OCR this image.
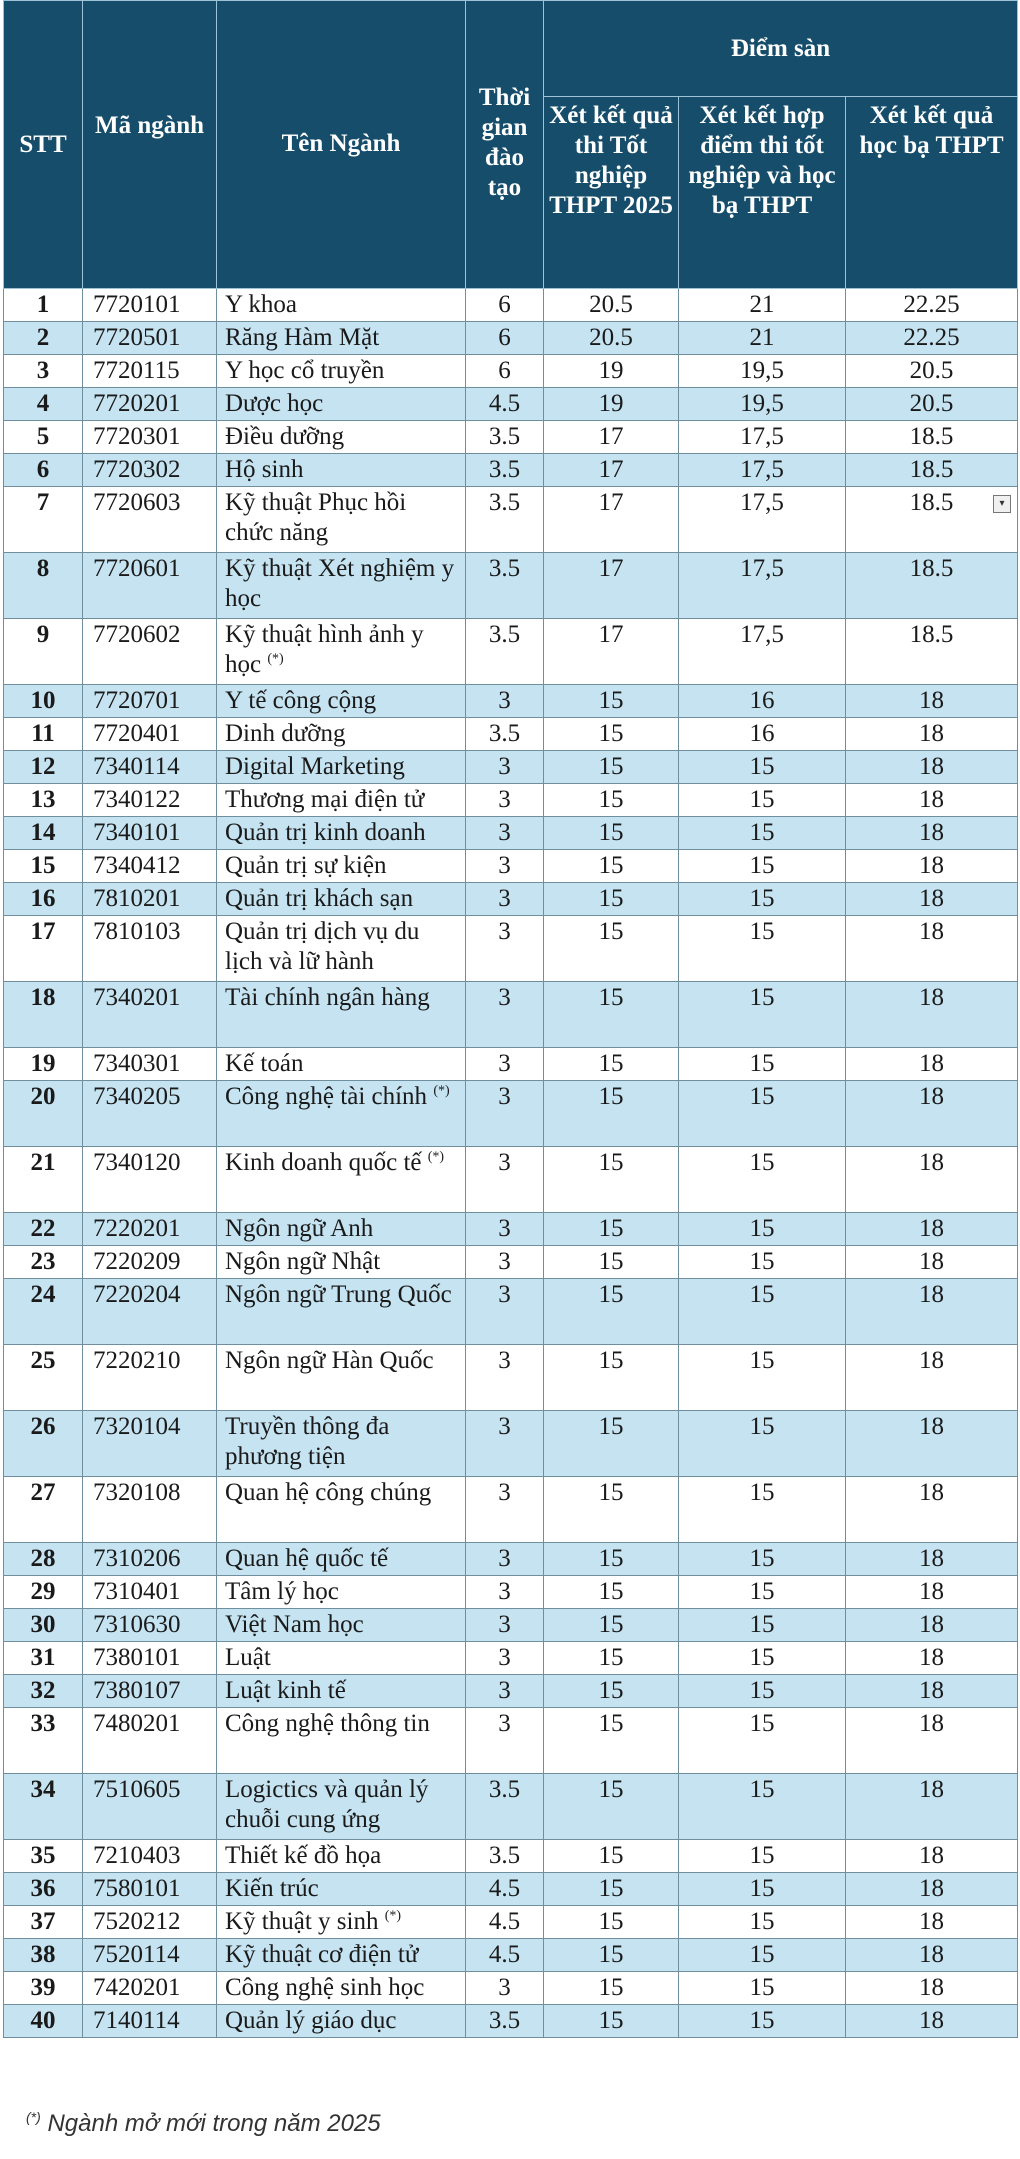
STT	Mã ngành	Tên Ngành	Thời gian đào tạo	Điểm sàn		
				Xét kết quả thi Tốt nghiệp THPT 2025	Xét kết hợp điểm thi tốt nghiệp và học bạ THPT	Xét kết quả học bạ THPT
1	7720101	Y khoa	6	20.5	21	22.25
2	7720501	Răng Hàm Mặt	6	20.5	21	22.25
3	7720115	Y học cổ truyền	6	19	19,5	20.5
4	7720201	Dược học	4.5	19	19,5	20.5
5	7720301	Điều dưỡng	3.5	17	17,5	18.5
6	7720302	Hộ sinh	3.5	17	17,5	18.5
7	7720603	Kỹ thuật Phục hồi chức năng	3.5	17	17,5	18.5 ▾

8	7720601	Kỹ thuật Xét nghiệm y học	3.5	17	17,5	18.5
9	7720602	Kỹ thuật hình ảnh y học (*)	3.5	17	17,5	18.5
10	7720701	Y tế công cộng	3	15	16	18
11	7720401	Dinh dưỡng	3.5	15	16	18
12	7340114	Digital Marketing	3	15	15	18
13	7340122	Thương mại điện tử	3	15	15	18
14	7340101	Quản trị kinh doanh	3	15	15	18
15	7340412	Quản trị sự kiện	3	15	15	18
16	7810201	Quản trị khách sạn	3	15	15	18
17	7810103	Quản trị dịch vụ du lịch và lữ hành	3	15	15	18
18	7340201	Tài chính ngân hàng	3	15	15	18
19	7340301	Kế toán	3	15	15	18
20	7340205	Công nghệ tài chính (*)	3	15	15	18
21	7340120	Kinh doanh quốc tế (*)	3	15	15	18
22	7220201	Ngôn ngữ Anh	3	15	15	18
23	7220209	Ngôn ngữ Nhật	3	15	15	18
24	7220204	Ngôn ngữ Trung Quốc	3	15	15	18
25	7220210	Ngôn ngữ Hàn Quốc	3	15	15	18
26	7320104	Truyền thông đa phương tiện	3	15	15	18
27	7320108	Quan hệ công chúng	3	15	15	18
28	7310206	Quan hệ quốc tế	3	15	15	18
29	7310401	Tâm lý học	3	15	15	18
30	7310630	Việt Nam học	3	15	15	18
31	7380101	Luật	3	15	15	18
32	7380107	Luật kinh tế	3	15	15	18
33	7480201	Công nghệ thông tin	3	15	15	18
34	7510605	Logictics và quản lý chuỗi cung ứng	3.5	15	15	18
35	7210403	Thiết kế đồ họa	3.5	15	15	18
36	7580101	Kiến trúc	4.5	15	15	18
37	7520212	Kỹ thuật y sinh (*)	4.5	15	15	18
38	7520114	Kỹ thuật cơ điện tử	4.5	15	15	18
39	7420201	Công nghệ sinh học	3	15	15	18
40	7140114	Quản lý giáo dục	3.5	15	15	18
(*) Ngành mở mới trong năm 2025
